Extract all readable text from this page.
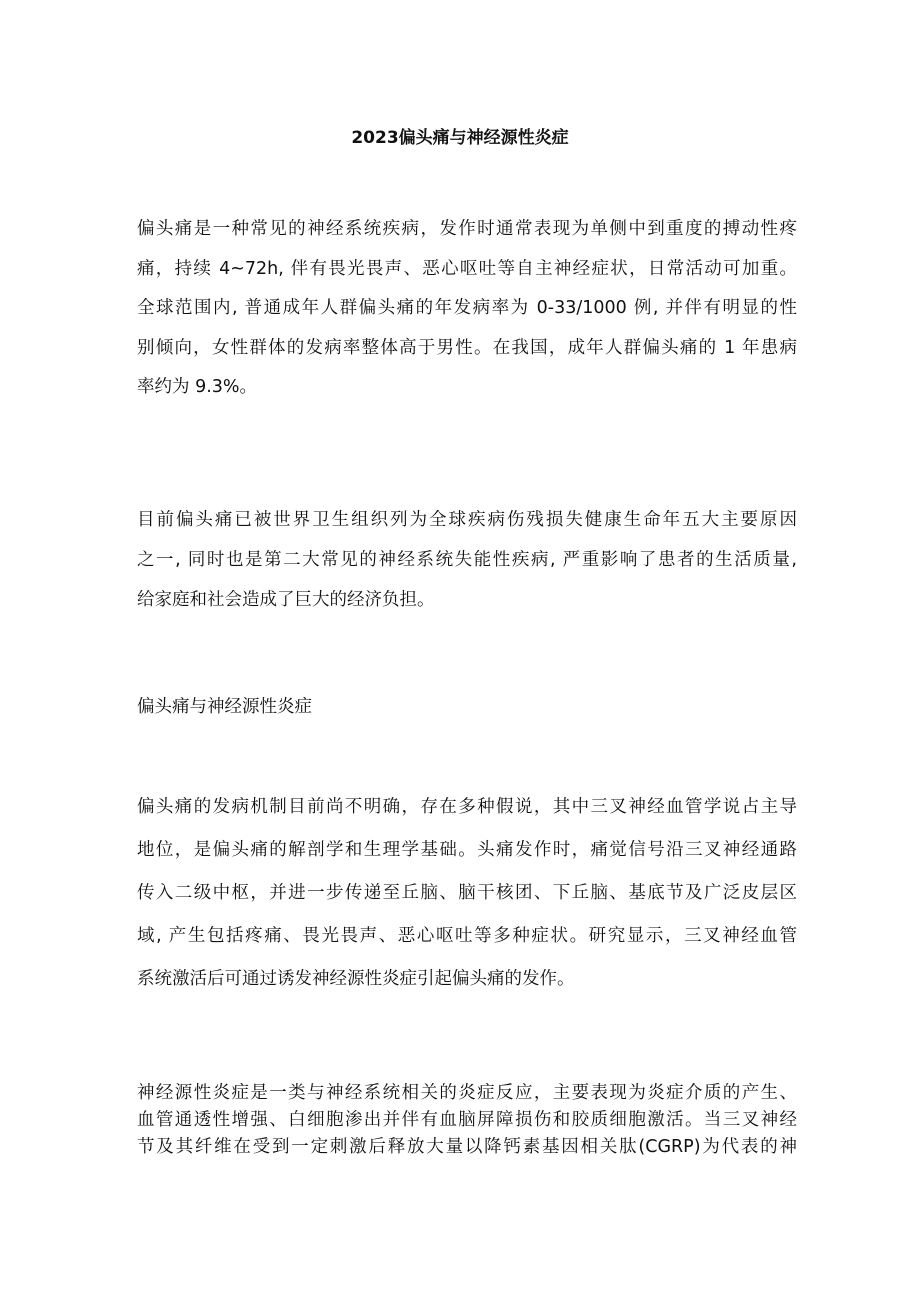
2023偏头痛与神经源性炎症
偏头痛是一种常见的神经系统疾病，发作时通常表现为单侧中到重度的搏动性疼
痛，持续 4~72h, 伴有畏光畏声、恶心呕吐等自主神经症状，日常活动可加重。
全球范围内, 普通成年人群偏头痛的年发病率为 0-33/1000 例, 并伴有明显的性
别倾向，女性群体的发病率整体高于男性。在我国，成年人群偏头痛的 1 年患病
率约为 9.3%。
目前偏头痛已被世界卫生组织列为全球疾病伤残损失健康生命年五大主要原因
之一, 同时也是第二大常见的神经系统失能性疾病, 严重影响了患者的生活质量,
给家庭和社会造成了巨大的经济负担。
偏头痛与神经源性炎症
偏头痛的发病机制目前尚不明确，存在多种假说，其中三叉神经血管学说占主导
地位，是偏头痛的解剖学和生理学基础。头痛发作时，痛觉信号沿三叉神经通路
传入二级中枢，并进一步传递至丘脑、脑干核团、下丘脑、基底节及广泛皮层区
域, 产生包括疼痛、畏光畏声、恶心呕吐等多种症状。研究显示，三叉神经血管
系统激活后可通过诱发神经源性炎症引起偏头痛的发作。
神经源性炎症是一类与神经系统相关的炎症反应，主要表现为炎症介质的产生、
血管通透性增强、白细胞渗出并伴有血脑屏障损伤和胶质细胞激活。当三叉神经
节及其纤维在受到一定刺激后释放大量以降钙素基因相关肽(CGRP)为代表的神
